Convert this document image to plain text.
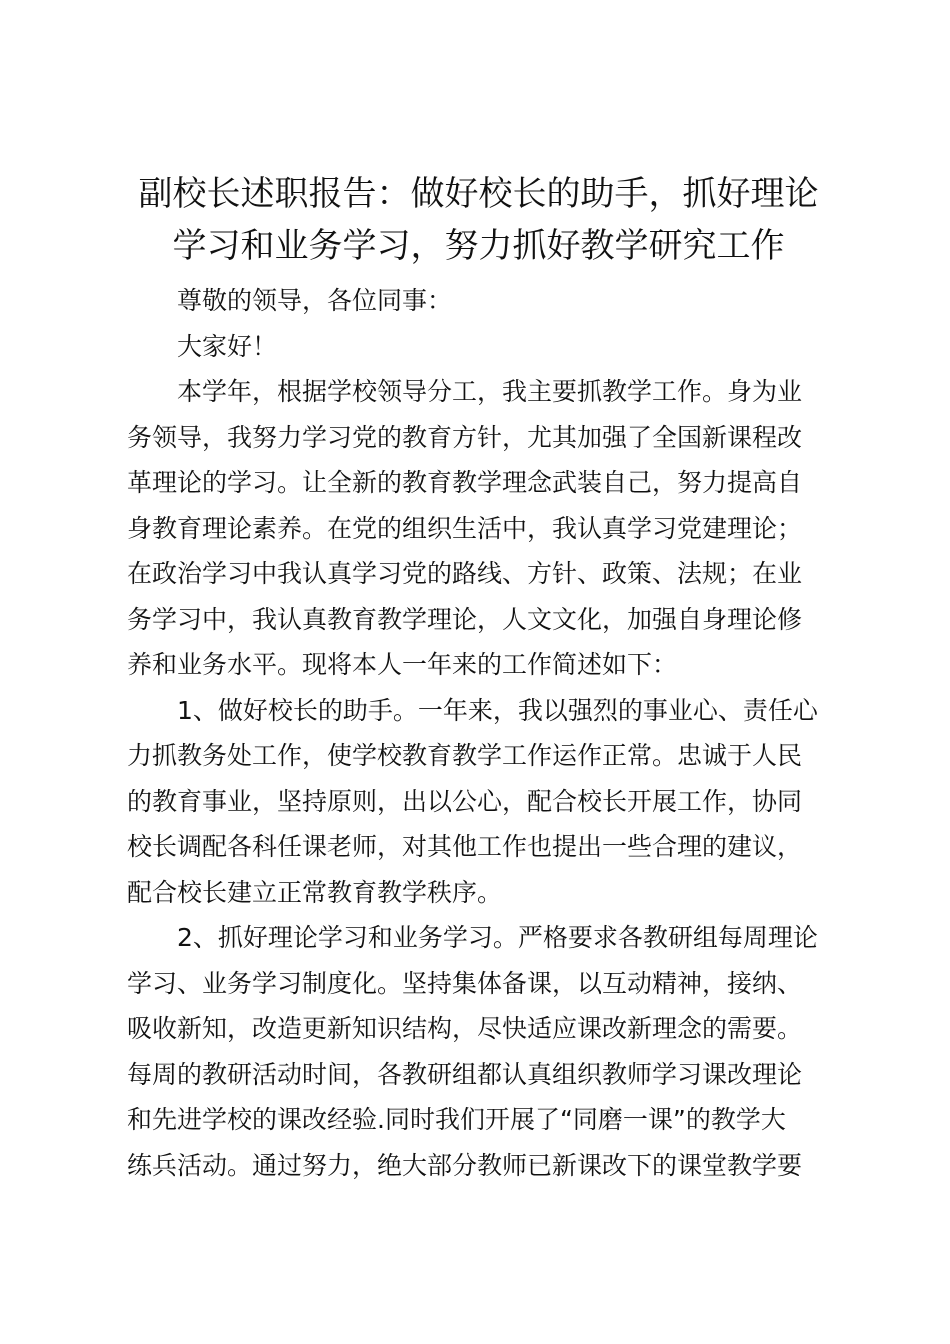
副校长述职报告：做好校长的助手，抓好理论
学习和业务学习，努力抓好教学研究工作

尊敬的领导，各位同事：

大家好！

本学年，根据学校领导分工，我主要抓教学工作。身为业
务领导，我努力学习党的教育方针，尤其加强了全国新课程改
革理论的学习。让全新的教育教学理念武装自己，努力提高自
身教育理论素养。在党的组织生活中，我认真学习党建理论；
在政治学习中我认真学习党的路线、方针、政策、法规；在业
务学习中，我认真教育教学理论，人文文化，加强自身理论修
养和业务水平。现将本人一年来的工作简述如下：

1、做好校长的助手。一年来，我以强烈的事业心、责任心
力抓教务处工作，使学校教育教学工作运作正常。忠诚于人民
的教育事业，坚持原则，出以公心，配合校长开展工作，协同
校长调配各科任课老师，对其他工作也提出一些合理的建议，
配合校长建立正常教育教学秩序。

2、抓好理论学习和业务学习。严格要求各教研组每周理论
学习、业务学习制度化。坚持集体备课，以互动精神，接纳、
吸收新知，改造更新知识结构，尽快适应课改新理念的需要。
每周的教研活动时间，各教研组都认真组织教师学习课改理论
和先进学校的课改经验.同时我们开展了“同磨一课”的教学大
练兵活动。通过努力，绝大部分教师已新课改下的课堂教学要
